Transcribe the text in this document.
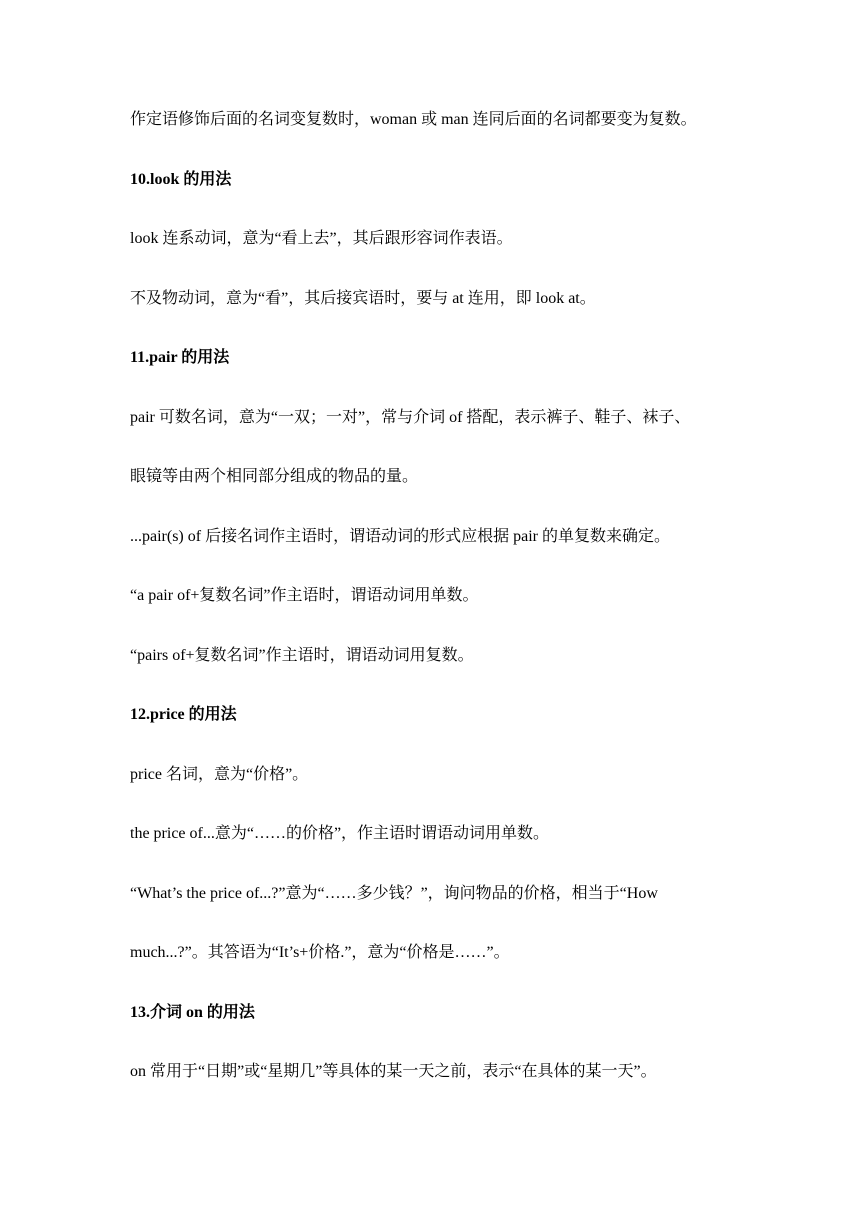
作定语修饰后面的名词变复数时，woman 或 man 连同后面的名词都要变为复数。
10.look 的用法
look 连系动词，意为“看上去”，其后跟形容词作表语。
不及物动词，意为“看”，其后接宾语时，要与 at 连用，即 look at。
11.pair 的用法
pair 可数名词，意为“一双；一对”，常与介词 of 搭配，表示裤子、鞋子、袜子、
眼镜等由两个相同部分组成的物品的量。
...pair(s) of 后接名词作主语时，谓语动词的形式应根据 pair 的单复数来确定。
“a pair of+复数名词”作主语时，谓语动词用单数。
“pairs of+复数名词”作主语时，谓语动词用复数。
12.price 的用法
price 名词，意为“价格”。
the price of...意为“……的价格”，作主语时谓语动词用单数。
“What’s the price of...?”意为“……多少钱？”，询问物品的价格，相当于“How
much...?”。其答语为“It’s+价格.”，意为“价格是……”。
13.介词 on 的用法
on 常用于“日期”或“星期几”等具体的某一天之前，表示“在具体的某一天”。
